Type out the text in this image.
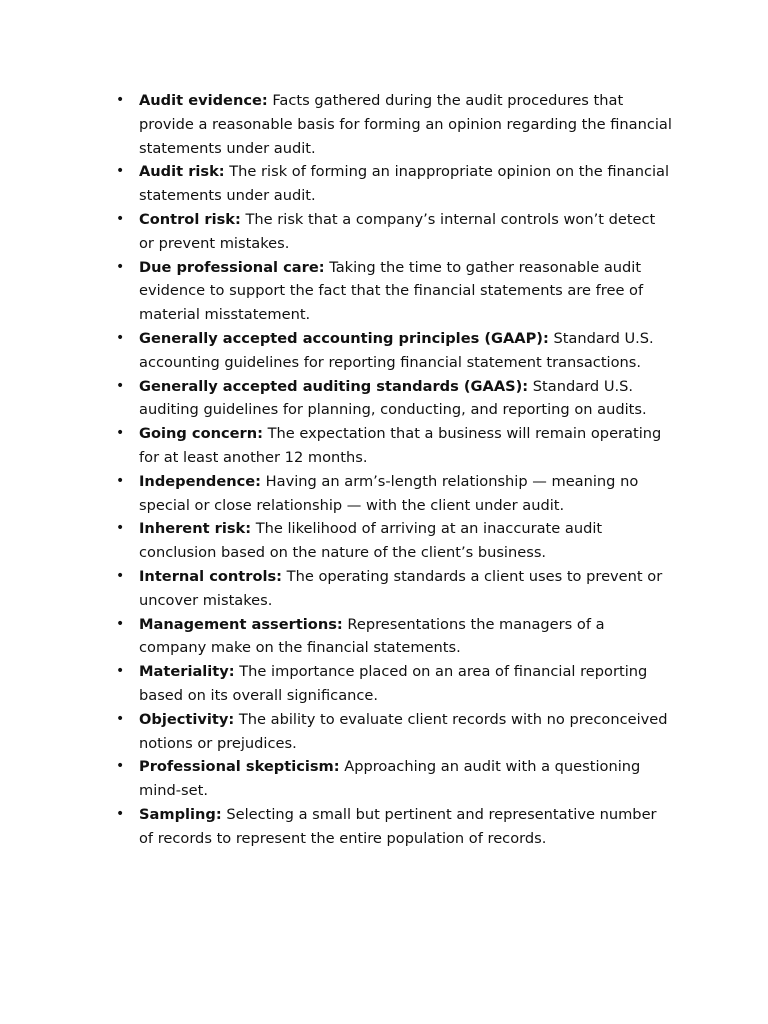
• Audit evidence: Facts gathered during the audit procedures that provide a reasonable basis for forming an opinion regarding the financial statements under audit.
• Audit risk: The risk of forming an inappropriate opinion on the financial statements under audit.
• Control risk: The risk that a company’s internal controls won’t detect or prevent mistakes.
• Due professional care: Taking the time to gather reasonable audit evidence to support the fact that the financial statements are free of material misstatement.
• Generally accepted accounting principles (GAAP): Standard U.S. accounting guidelines for reporting financial statement transactions.
• Generally accepted auditing standards (GAAS): Standard U.S. auditing guidelines for planning, conducting, and reporting on audits.
• Going concern: The expectation that a business will remain operating for at least another 12 months.
• Independence: Having an arm’s-length relationship — meaning no special or close relationship — with the client under audit.
• Inherent risk: The likelihood of arriving at an inaccurate audit conclusion based on the nature of the client’s business.
• Internal controls: The operating standards a client uses to prevent or uncover mistakes.
• Management assertions: Representations the managers of a company make on the financial statements.
• Materiality: The importance placed on an area of financial reporting based on its overall significance.
• Objectivity: The ability to evaluate client records with no preconceived notions or prejudices.
• Professional skepticism: Approaching an audit with a questioning mind-set.
• Sampling: Selecting a small but pertinent and representative number of records to represent the entire population of records.
